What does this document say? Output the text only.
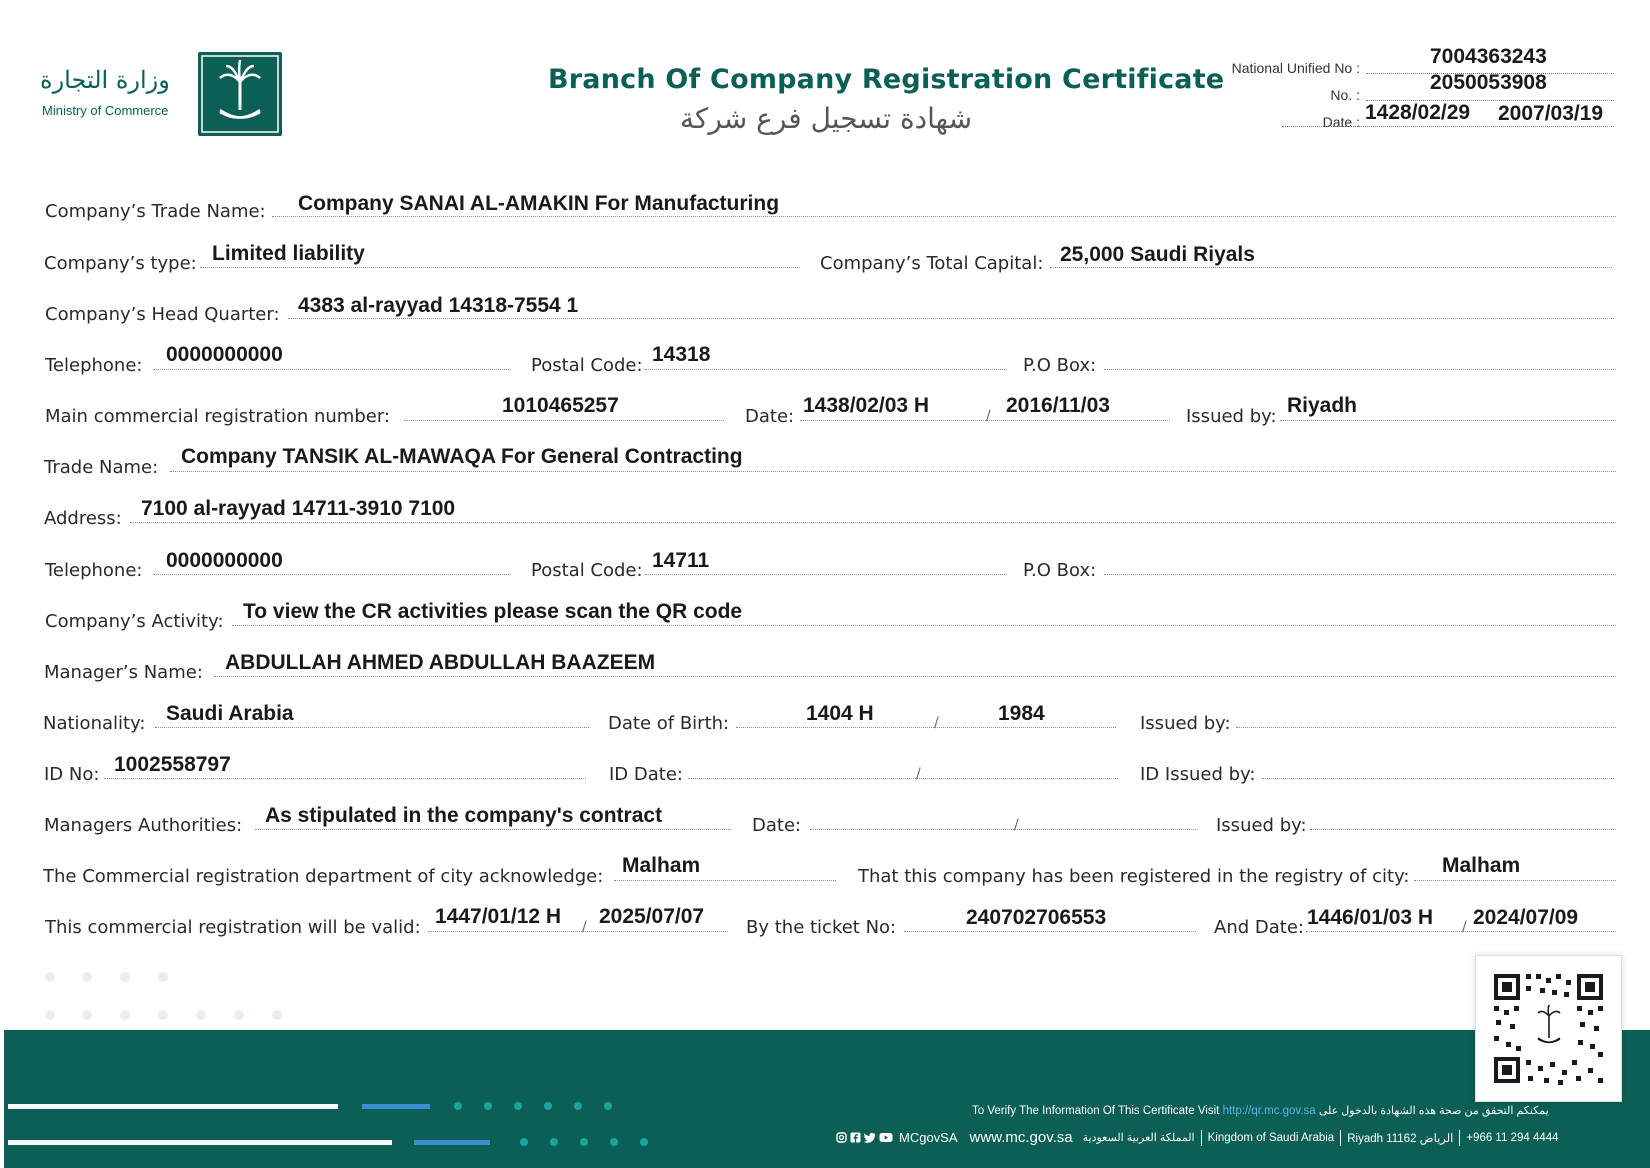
وزارة التجارة
Ministry of Commerce
Branch Of Company Registration Certificate
شهادة تسجيل فرع شركة
National Unified No :	7004363243
No. :
2050053908
Date : 1428/02/29 2007/03/19
Company’s Trade Name: Company SANAI AL-AMAKIN For Manufacturing
Company’s type: Limited liability	Company’s Total Capital: 25,000 Saudi Riyals
Company’s Head Quarter: 4383 al-rayyad 14318-7554 1
Telephone: 0000000000	Postal Code: 14318	P.O Box:
Main commercial registration number:	1010465257	Date: 1438/02/03 H	/ 2016/11/03	Issued by: Riyadh
Trade Name: Company TANSIK AL-MAWAQA For General Contracting
Address: 7100 al-rayyad 14711-3910 7100
Telephone: 0000000000	Postal Code: 14711	P.O Box:
Company’s Activity: To view the CR activities please scan the QR code
Manager’s Name: ABDULLAH AHMED ABDULLAH BAAZEEM
Nationality: Saudi Arabia	Date of Birth:	1404 H	/	1984	Issued by:
ID No: 1002558797	ID Date:	/	ID Issued by:
Managers Authorities: As stipulated in the company's contract	Date:	/	Issued by:
The Commercial registration department of city acknowledge: Malham	That this company has been registered in the registry of city: Malham
This commercial registration will be valid: 1447/01/12 H / 2025/07/07 By the ticket No:	240702706553	And Date: 1446/01/03 H / 2024/07/09
To Verify The Information Of This Certificate Visit http://qr.mc.gov.sa يمكنكم التحقق من صحة هذه الشهادة بالدخول على
MCgovSA www.mc.gov.sa المملكة العربية السعودية Kingdom of Saudi Arabia Riyadh 11162 الرياض +966 11 294 4444
